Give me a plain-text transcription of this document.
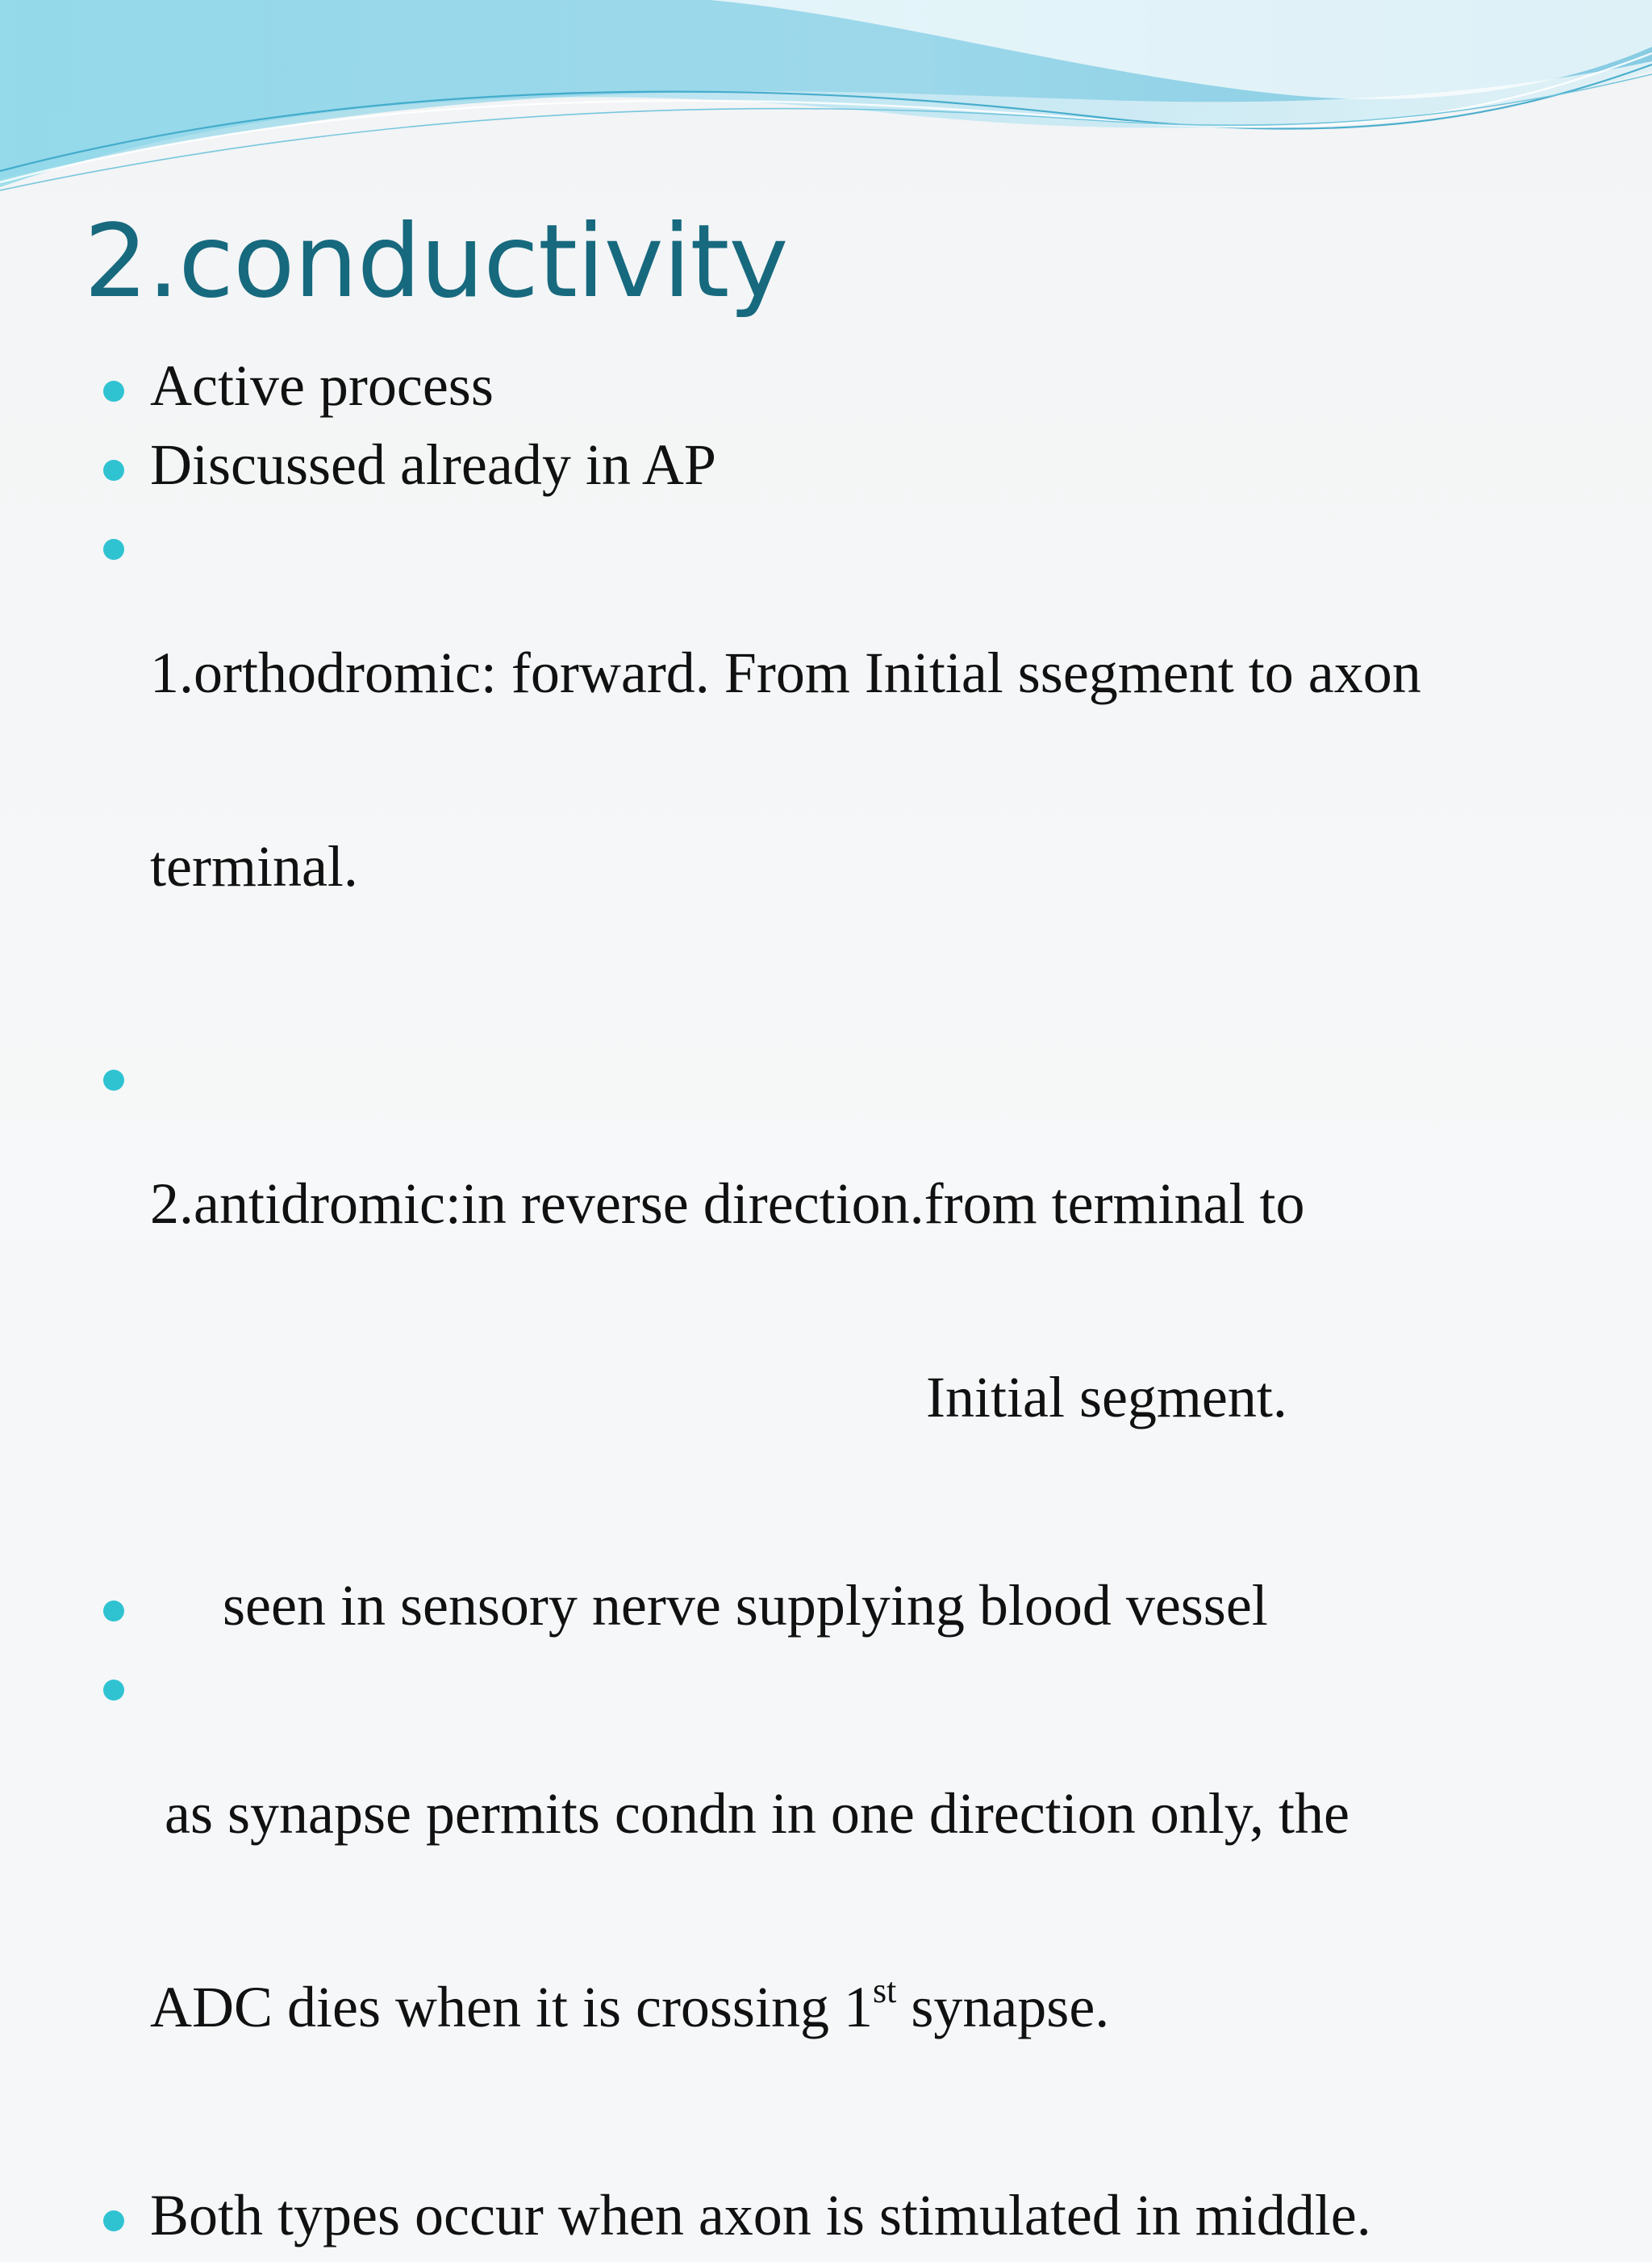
2.conductivity
Active process
Discussed already in AP

1.orthodromic: forward. From Initial ssegment to axon

terminal.

2.antidromic:in reverse direction.from terminal to

Initial segment.

seen in sensory nerve supplying blood vessel

as synapse permits condn in one direction only, the

ADC dies when it is crossing 1st synapse.

Both types occur when axon is stimulated in middle.
